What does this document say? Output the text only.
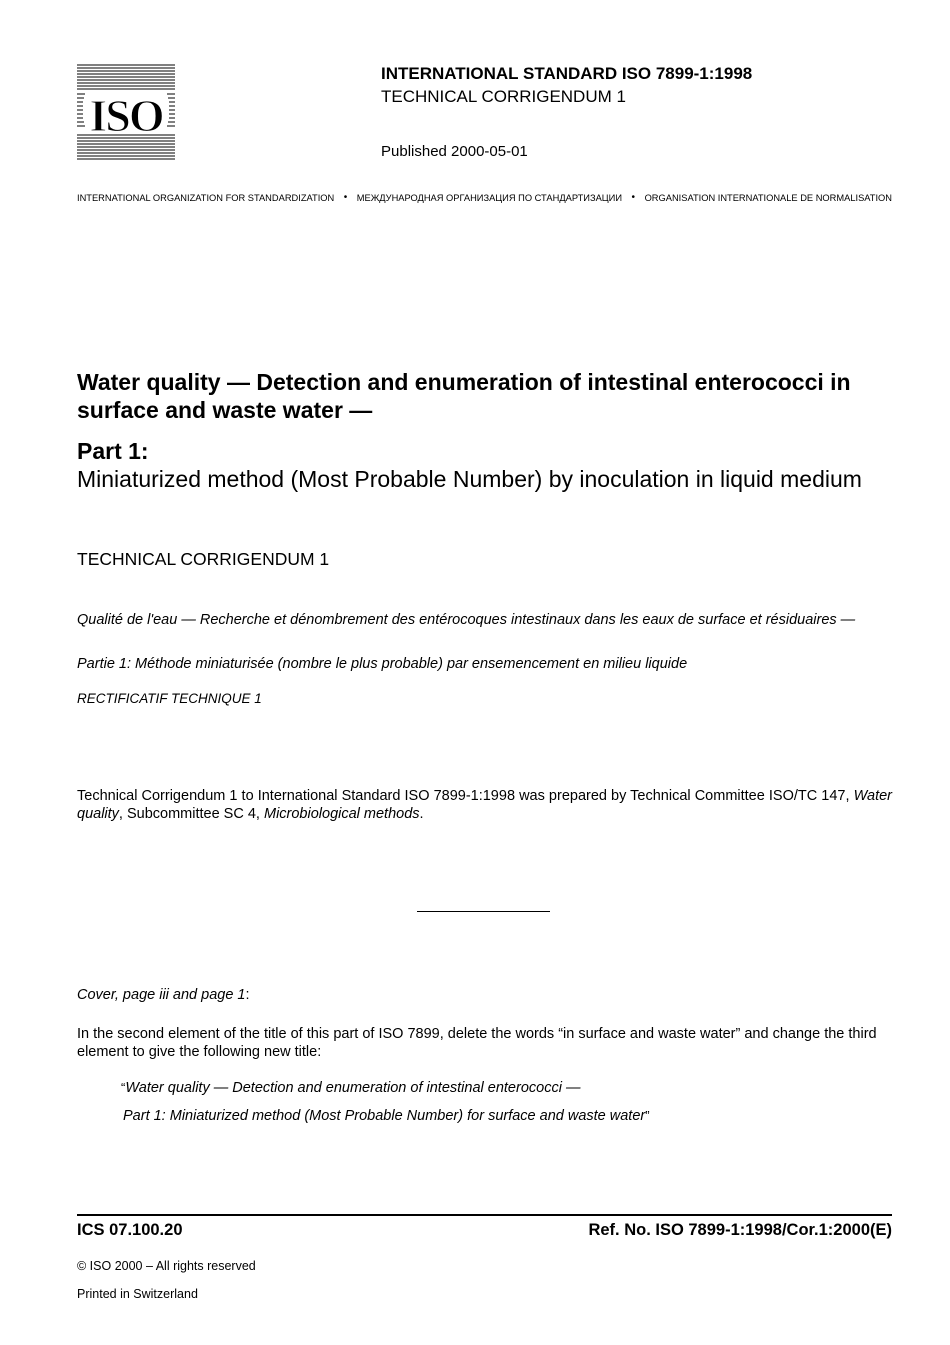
ISO
INTERNATIONAL STANDARD ISO 7899-1:1998
TECHNICAL CORRIGENDUM 1
Published 2000-05-01
INTERNATIONAL ORGANIZATION FOR STANDARDIZATION •	МЕЖДУНАРОДНАЯ ОРГАНИЗАЦИЯ ПО СТАНДАРТИЗАЦИИ •	ORGANISATION INTERNATIONALE DE NORMALISATION
Water quality — Detection and enumeration of intestinal enterococci in surface and waste water —
Part 1:
Miniaturized method (Most Probable Number) by inoculation in liquid medium
TECHNICAL CORRIGENDUM 1
Qualité de l'eau — Recherche et dénombrement des entérocoques intestinaux dans les eaux de surface et résiduaires —
Partie 1: Méthode miniaturisée (nombre le plus probable) par ensemencement en milieu liquide
RECTIFICATIF TECHNIQUE 1
Technical Corrigendum 1 to International Standard ISO 7899-1:1998 was prepared by Technical Committee ISO/TC 147, Water quality, Subcommittee SC 4, Microbiological methods.
Cover, page iii and page 1:
In the second element of the title of this part of ISO 7899, delete the words “in surface and waste water” and change the third element to give the following new title:
“Water quality — Detection and enumeration of intestinal enterococci —
Part 1: Miniaturized method (Most Probable Number) for surface and waste water”
ICS 07.100.20	Ref. No. ISO 7899-1:1998/Cor.1:2000(E)
© ISO 2000 – All rights reserved
Printed in Switzerland
